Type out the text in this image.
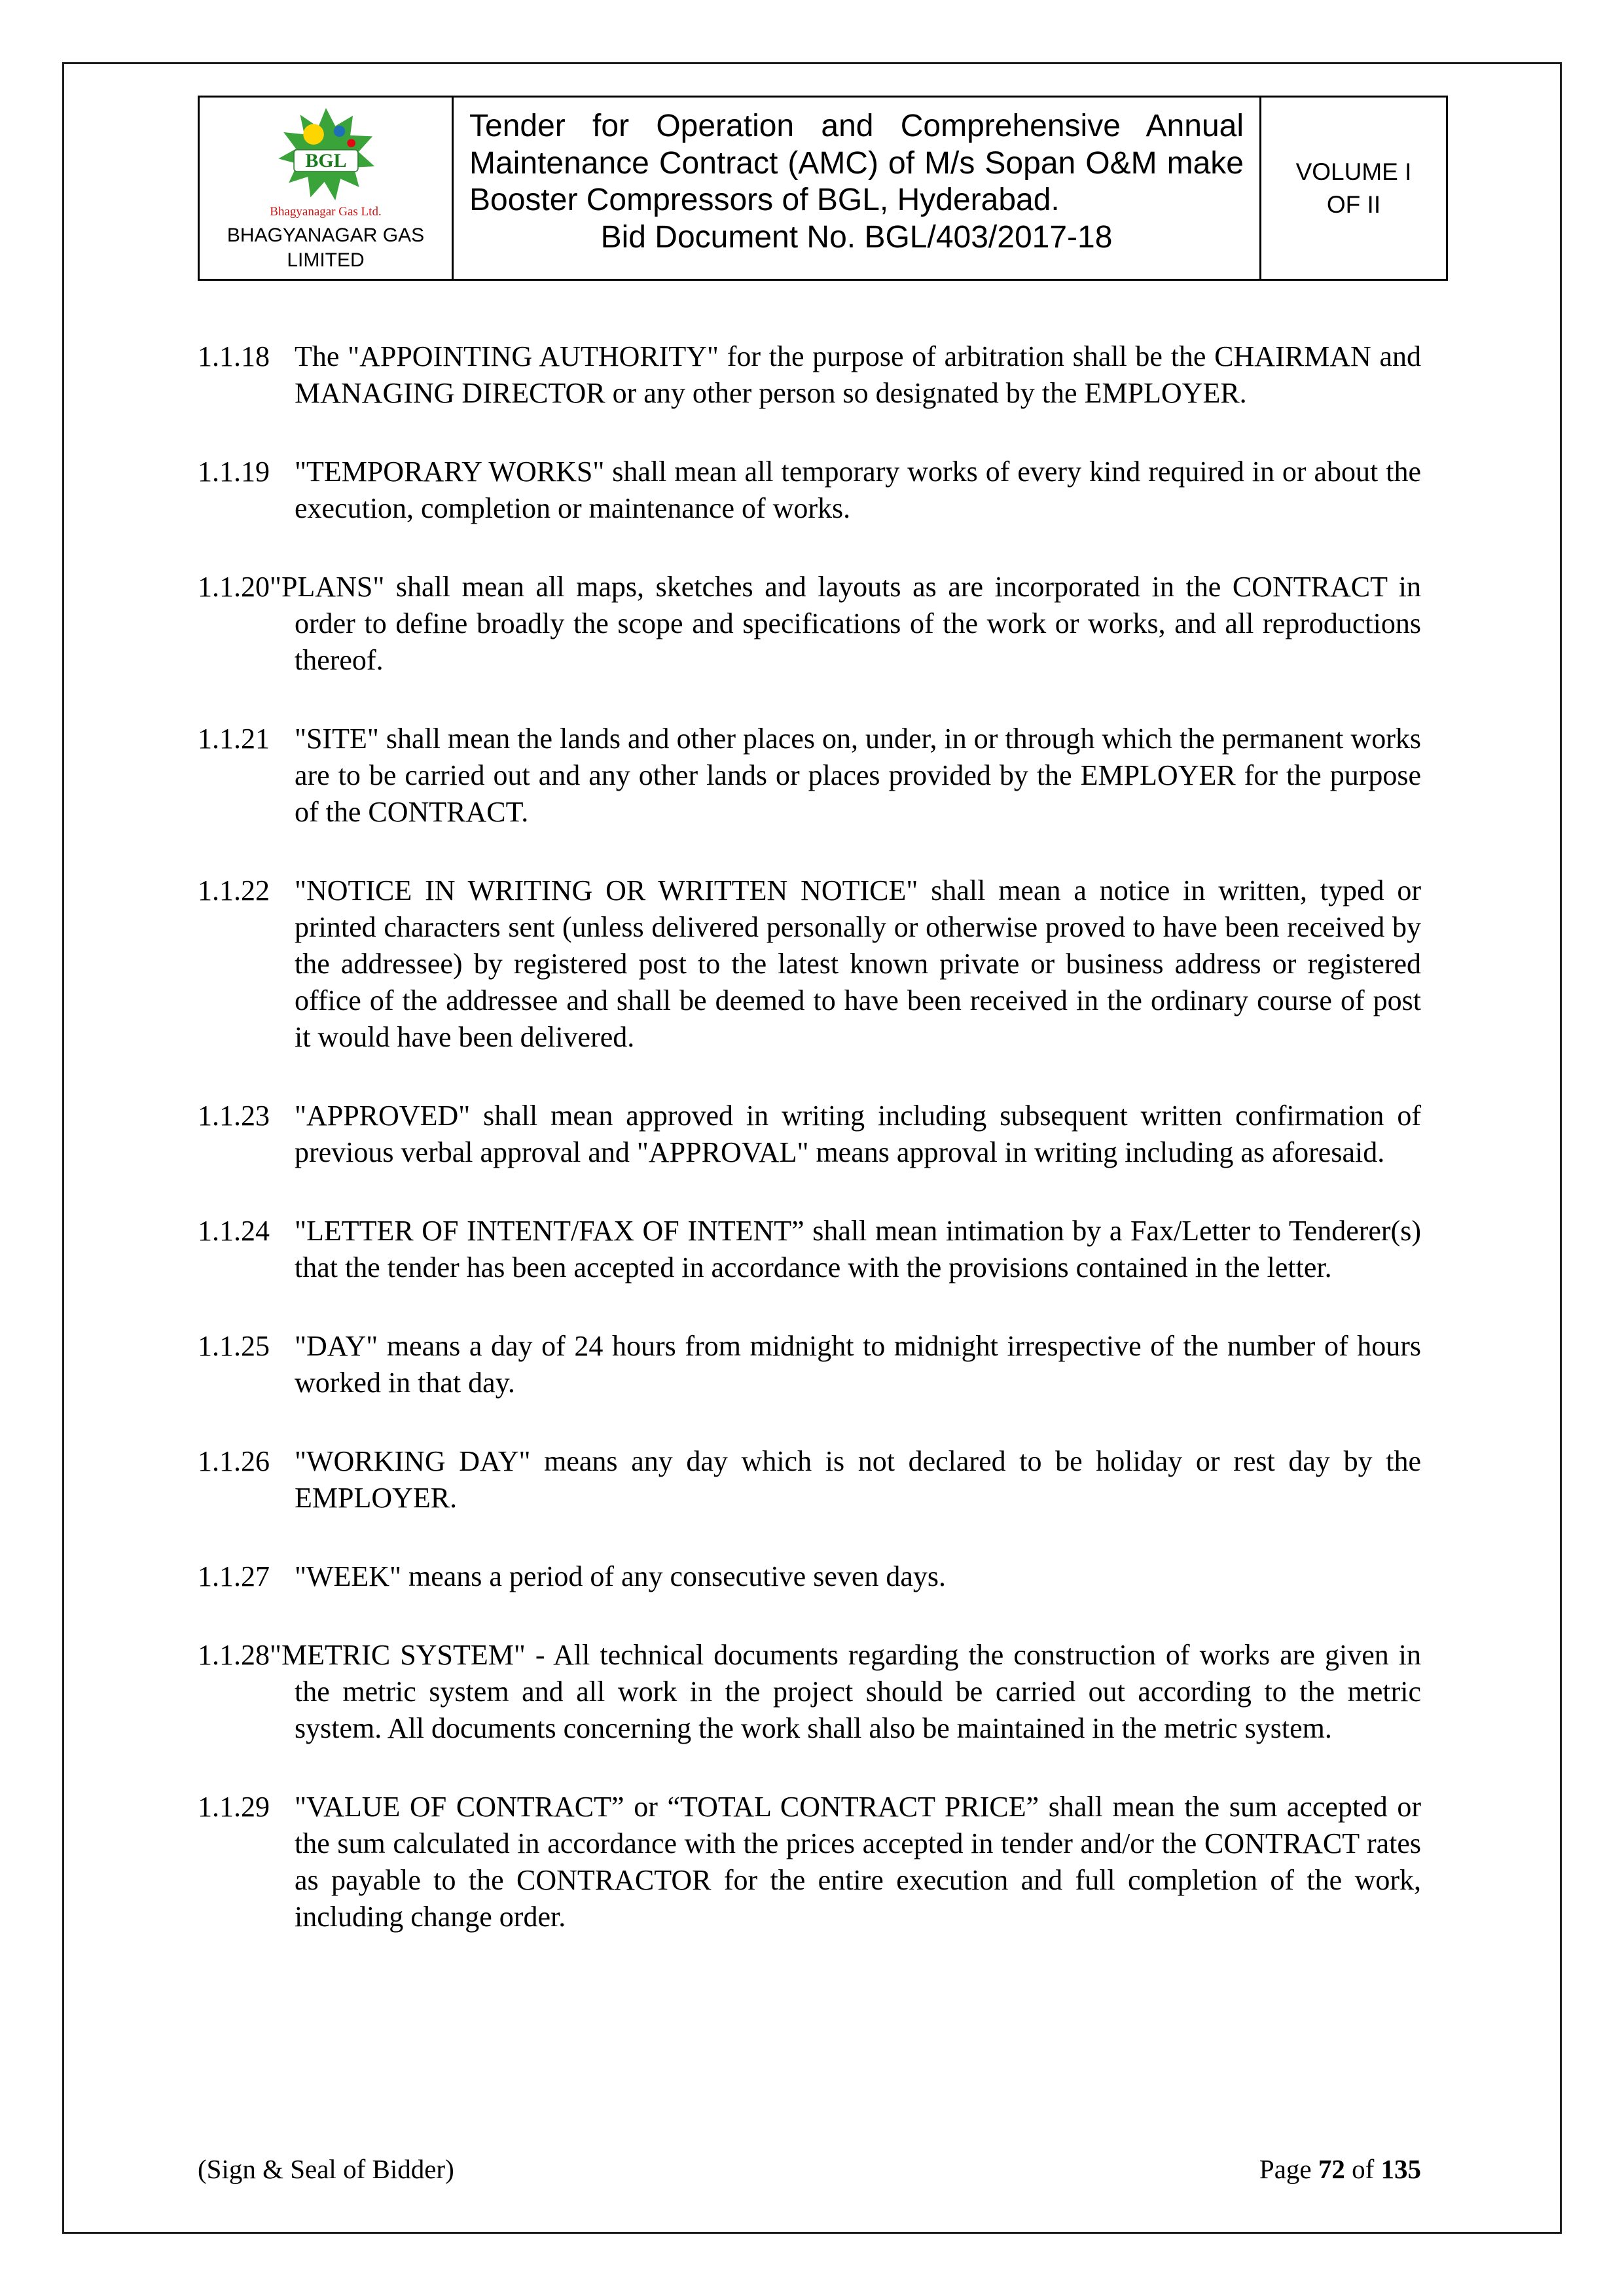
BGL
Bhagyanagar Gas Ltd.
BHAGYANAGAR GAS LIMITED
Tender for Operation and Comprehensive Annual Maintenance Contract (AMC) of M/s Sopan O&M make Booster Compressors of BGL, Hyderabad.
Bid Document No. BGL/403/2017-18
VOLUME I
OF II
1.1.18 The "APPOINTING AUTHORITY" for the purpose of arbitration shall be the CHAIRMAN and MANAGING DIRECTOR or any other person so designated by the EMPLOYER.
1.1.19 "TEMPORARY WORKS" shall mean all temporary works of every kind required in or about the execution, completion or maintenance of works.
1.1.20"PLANS" shall mean all maps, sketches and layouts as are incorporated in the CONTRACT in order to define broadly the scope and specifications of the work or works, and all reproductions thereof.
1.1.21 "SITE" shall mean the lands and other places on, under, in or through which the permanent works are to be carried out and any other lands or places provided by the EMPLOYER for the purpose of the CONTRACT.
1.1.22 "NOTICE IN WRITING OR WRITTEN NOTICE" shall mean a notice in written, typed or printed characters sent (unless delivered personally or otherwise proved to have been received by the addressee) by registered post to the latest known private or business address or registered office of the addressee and shall be deemed to have been received in the ordinary course of post it would have been delivered.
1.1.23 "APPROVED" shall mean approved in writing including subsequent written confirmation of previous verbal approval and "APPROVAL" means approval in writing including as aforesaid.
1.1.24 "LETTER OF INTENT/FAX OF INTENT” shall mean intimation by a Fax/Letter to Tenderer(s) that the tender has been accepted in accordance with the provisions contained in the letter.
1.1.25 "DAY" means a day of 24 hours from midnight to midnight irrespective of the number of hours worked in that day.
1.1.26 "WORKING DAY" means any day which is not declared to be holiday or rest day by the EMPLOYER.
1.1.27 "WEEK" means a period of any consecutive seven days.
1.1.28"METRIC SYSTEM" - All technical documents regarding the construction of works are given in the metric system and all work in the project should be carried out according to the metric system. All documents concerning the work shall also be maintained in the metric system.
1.1.29 "VALUE OF CONTRACT” or “TOTAL CONTRACT PRICE” shall mean the sum accepted or the sum calculated in accordance with the prices accepted in tender and/or the CONTRACT rates as payable to the CONTRACTOR for the entire execution and full completion of the work, including change order.
(Sign & Seal of Bidder)	Page 72 of 135
